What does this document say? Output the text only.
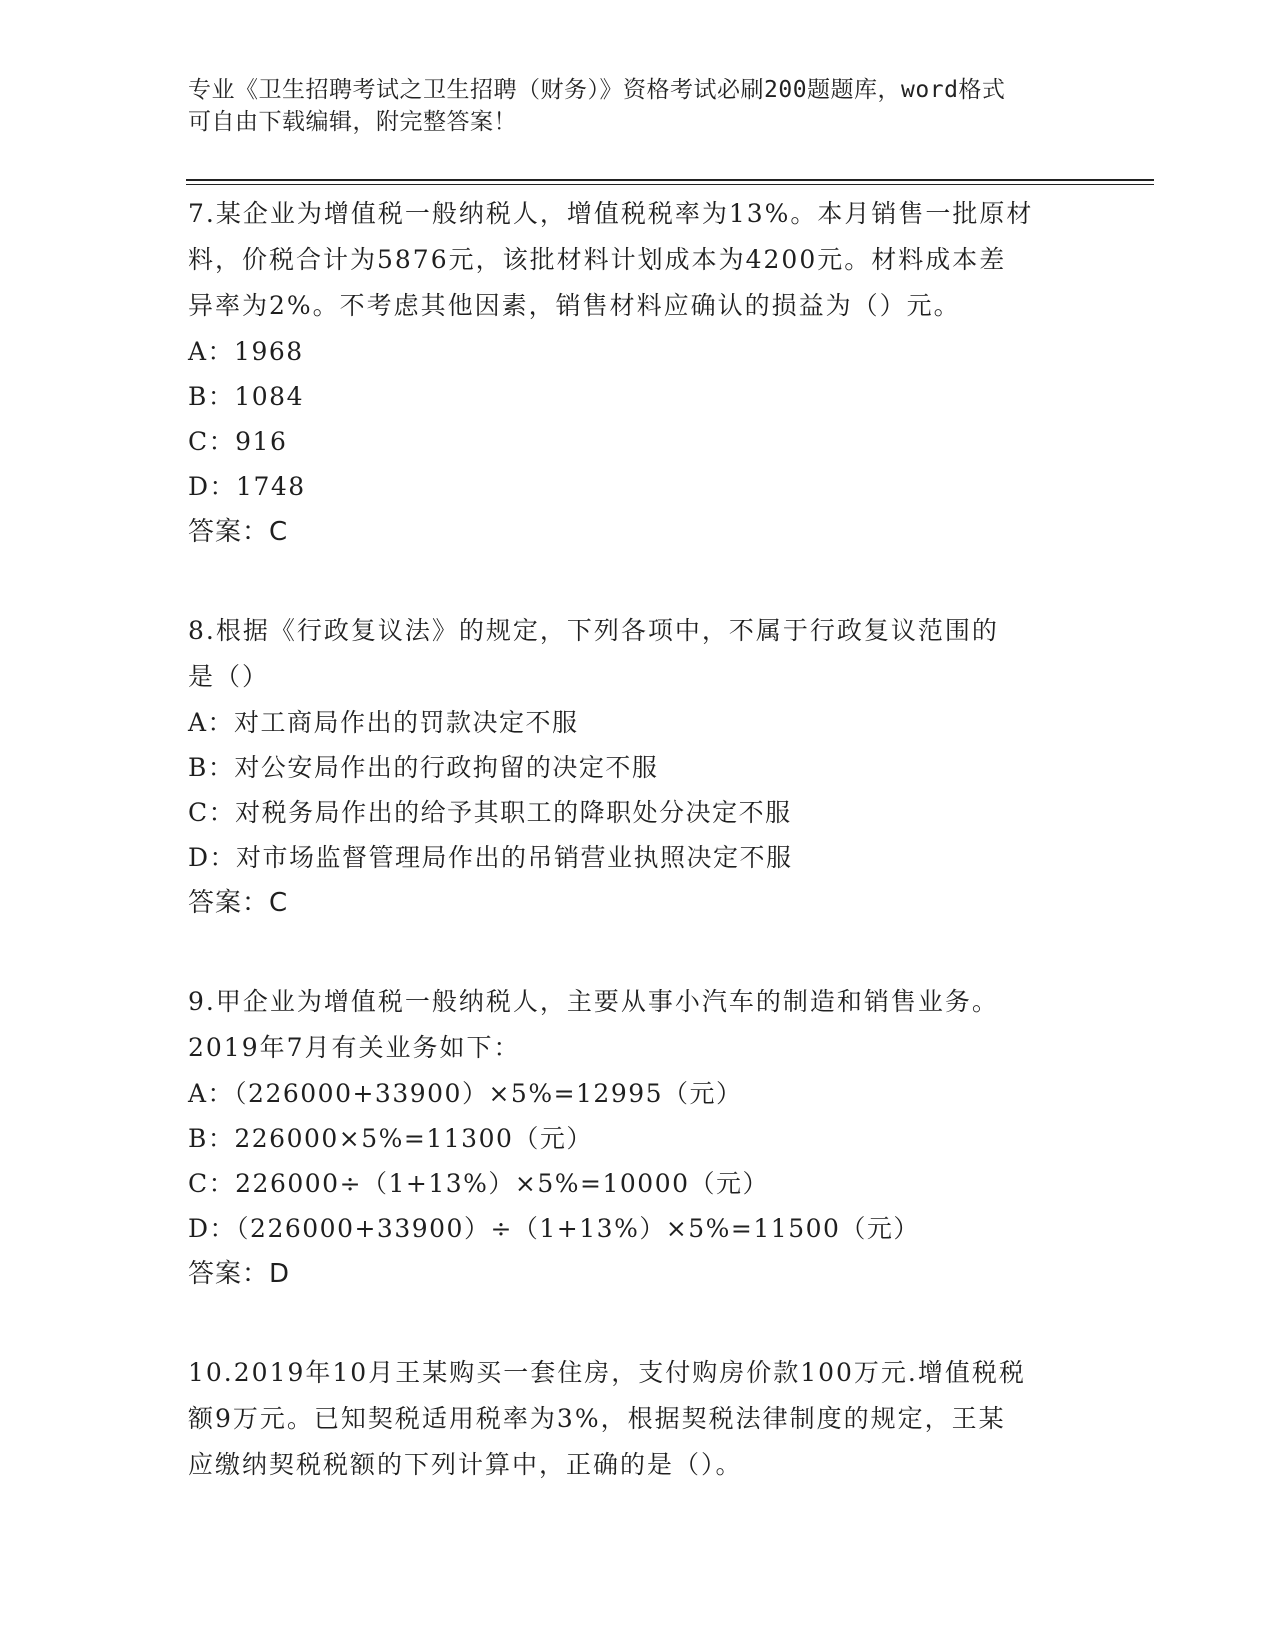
专业《卫生招聘考试之卫生招聘（财务）》资格考试必刷200题题库，word格式
可自由下载编辑，附完整答案！
7.某企业为增值税一般纳税人，增值税税率为13%。本月销售一批原材
料，价税合计为5876元，该批材料计划成本为4200元。材料成本差
异率为2%。不考虑其他因素，销售材料应确认的损益为（）元。
A：1968
B：1084
C：916
D：1748
答案：C
8.根据《行政复议法》的规定，下列各项中，不属于行政复议范围的
是（）
A：对工商局作出的罚款决定不服
B：对公安局作出的行政拘留的决定不服
C：对税务局作出的给予其职工的降职处分决定不服
D：对市场监督管理局作出的吊销营业执照决定不服
答案：C
9.甲企业为增值税一般纳税人，主要从事小汽车的制造和销售业务。
2019年7月有关业务如下：
A：（226000+33900）×5%=12995（元）
B：226000×5%=11300（元）
C：226000÷（1+13%）×5%=10000（元）
D：（226000+33900）÷（1+13%）×5%=11500（元）
答案：D
10.2019年10月王某购买一套住房，支付购房价款100万元.增值税税
额9万元。已知契税适用税率为3%，根据契税法律制度的规定，王某
应缴纳契税税额的下列计算中，正确的是（）。
